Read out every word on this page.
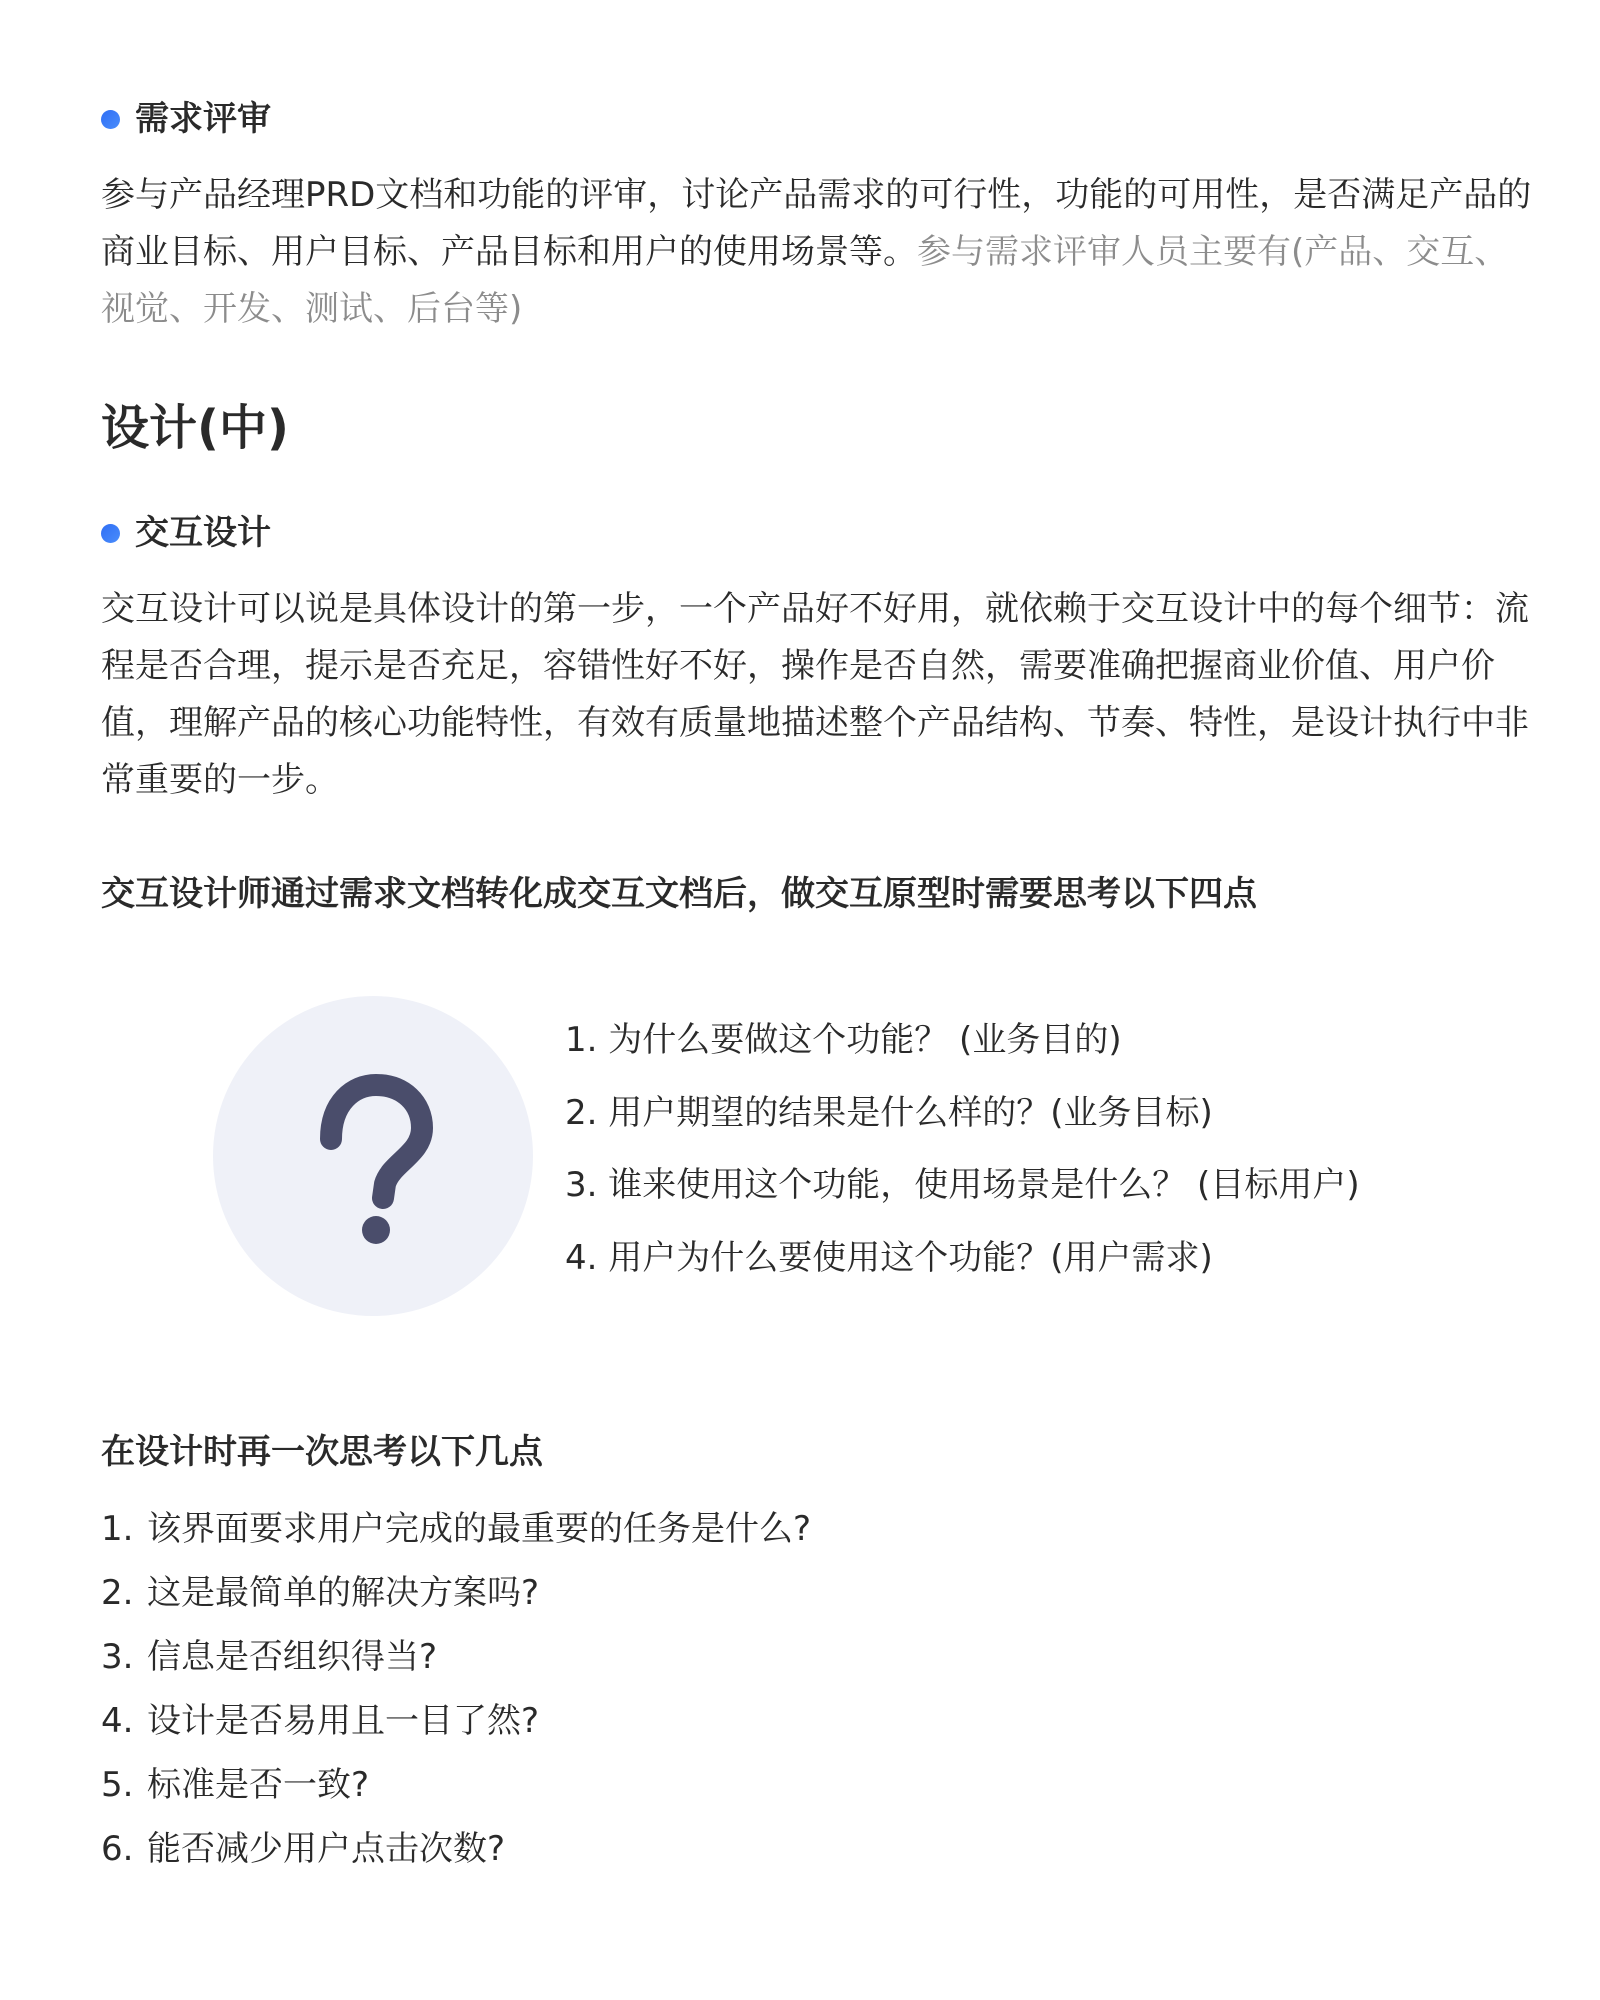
需求评审

参与产品经理PRD文档和功能的评审，讨论产品需求的可行性，功能的可用性，是否满足产品的商业目标、用户目标、产品目标和用户的使用场景等。参与需求评审人员主要有(产品、交互、视觉、开发、测试、后台等)

设计(中)
交互设计

交互设计可以说是具体设计的第一步，一个产品好不好用，就依赖于交互设计中的每个细节：流程是否合理，提示是否充足，容错性好不好，操作是否自然，需要准确把握商业价值、用户价值，理解产品的核心功能特性，有效有质量地描述整个产品结构、节奏、特性，是设计执行中非常重要的一步。

交互设计师通过需求文档转化成交互文档后，做交互原型时需要思考以下四点
1. 为什么要做这个功能？ (业务目的)
2. 用户期望的结果是什么样的？(业务目标)
3. 谁来使用这个功能，使用场景是什么？ (目标用户)
4. 用户为什么要使用这个功能？(用户需求)
在设计时再一次思考以下几点
1. 该界面要求用户完成的最重要的任务是什么?
2. 这是最简单的解决方案吗?
3. 信息是否组织得当?
4. 设计是否易用且一目了然?
5. 标准是否一致?
6. 能否减少用户点击次数?
